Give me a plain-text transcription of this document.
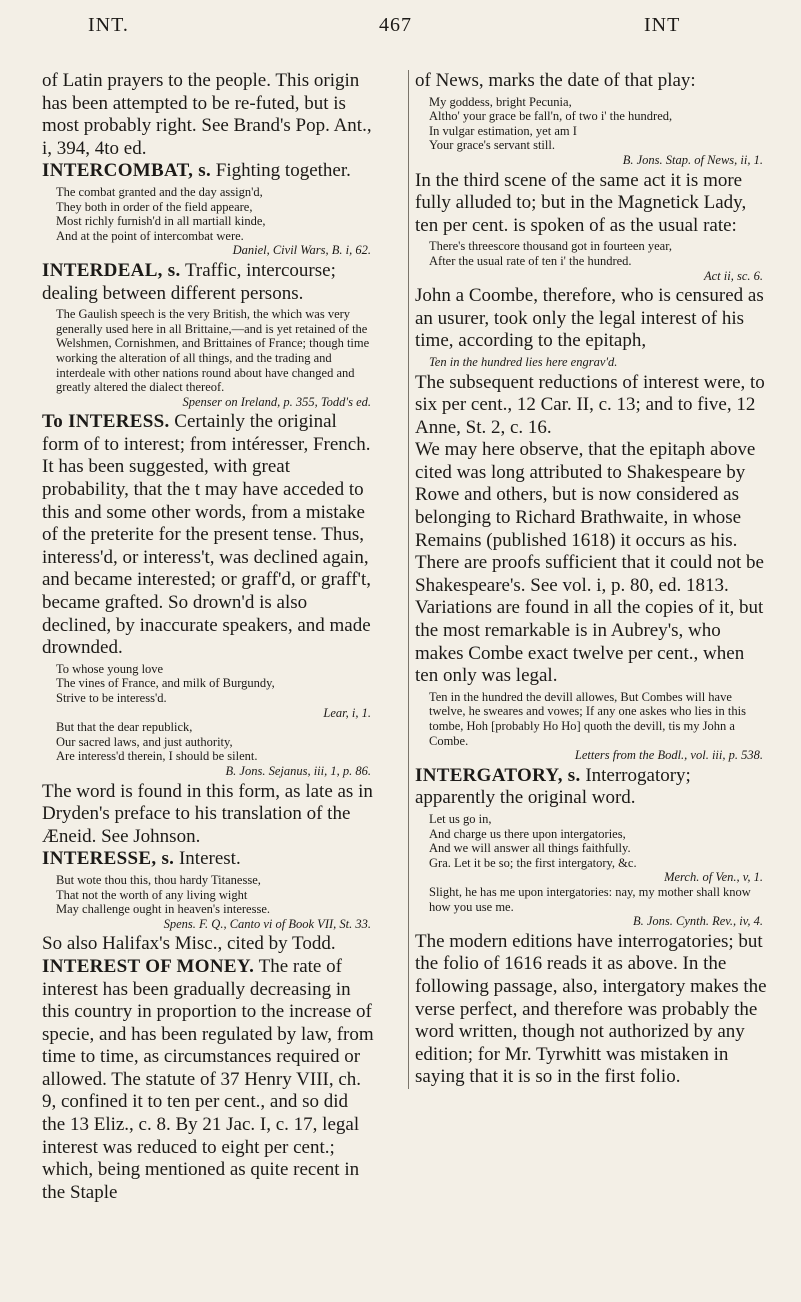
INT.	467	INT

of Latin prayers to the people. This origin has been attempted to be re-futed, but is most probably right. See Brand's Pop. Ant., i, 394, 4to ed.

INTERCOMBAT, s. Fighting together.

The combat granted and the day assign'd,
They both in order of the field appeare,
Most richly furnish'd in all martiall kinde,
And at the point of intercombat were.
Daniel, Civil Wars, B. i, 62.

INTERDEAL, s. Traffic, intercourse; dealing between different persons.

The Gaulish speech is the very British, the which was very generally used here in all Brittaine,—and is yet retained of the Welshmen, Cornishmen, and Brittaines of France; though time working the alteration of all things, and the trading and interdeale with other nations round about have changed and greatly altered the dialect thereof.
Spenser on Ireland, p. 355, Todd's ed.

To INTERESS. Certainly the original form of to interest; from intéresser, French. It has been suggested, with great probability, that the t may have acceded to this and some other words, from a mistake of the preterite for the present tense. Thus, interess'd, or interess't, was declined again, and became interested; or graff'd, or graff't, became grafted. So drown'd is also declined, by inaccurate speakers, and made drownded.

To whose young love
The vines of France, and milk of Burgundy,
Strive to be interess'd.
Lear, i, 1.
But that the dear republick,
Our sacred laws, and just authority,
Are interess'd therein, I should be silent.
B. Jons. Sejanus, iii, 1, p. 86.

The word is found in this form, as late as in Dryden's preface to his translation of the Æneid. See Johnson.

INTERESSE, s. Interest.

But wote thou this, thou hardy Titanesse,
That not the worth of any living wight
May challenge ought in heaven's interesse.
Spens. F. Q., Canto vi of Book VII, St. 33.

So also Halifax's Misc., cited by Todd.

INTEREST OF MONEY. The rate of interest has been gradually decreasing in this country in proportion to the increase of specie, and has been regulated by law, from time to time, as circumstances required or allowed. The statute of 37 Henry VIII, ch. 9, confined it to ten per cent., and so did the 13 Eliz., c. 8. By 21 Jac. I, c. 17, legal interest was reduced to eight per cent.; which, being mentioned as quite recent in the Staple

of News, marks the date of that play:

My goddess, bright Pecunia,
Altho' your grace be fall'n, of two i' the hundred,
In vulgar estimation, yet am I
Your grace's servant still.
B. Jons. Stap. of News, ii, 1.

In the third scene of the same act it is more fully alluded to; but in the Magnetick Lady, ten per cent. is spoken of as the usual rate:

There's threescore thousand got in fourteen year,
After the usual rate of ten i' the hundred.
Act ii, sc. 6.

John a Coombe, therefore, who is censured as an usurer, took only the legal interest of his time, according to the epitaph,

Ten in the hundred lies here engrav'd.

The subsequent reductions of interest were, to six per cent., 12 Car. II, c. 13; and to five, 12 Anne, St. 2, c. 16.

We may here observe, that the epitaph above cited was long attributed to Shakespeare by Rowe and others, but is now considered as belonging to Richard Brathwaite, in whose Remains (published 1618) it occurs as his. There are proofs sufficient that it could not be Shakespeare's. See vol. i, p. 80, ed. 1813. Variations are found in all the copies of it, but the most remarkable is in Aubrey's, who makes Combe exact twelve per cent., when ten only was legal.

Ten in the hundred the devill allowes, But Combes will have twelve, he sweares and vowes; If any one askes who lies in this tombe, Hoh [probably Ho Ho] quoth the devill, tis my John a Combe.
Letters from the Bodl., vol. iii, p. 538.

INTERGATORY, s. Interrogatory; apparently the original word.

Let us go in,
And charge us there upon intergatories,
And we will answer all things faithfully.
Gra. Let it be so; the first intergatory, &c.
Merch. of Ven., v, 1.
Slight, he has me upon intergatories: nay, my mother shall know how you use me.
B. Jons. Cynth. Rev., iv, 4.

The modern editions have interrogatories; but the folio of 1616 reads it as above. In the following passage, also, intergatory makes the verse perfect, and therefore was probably the word written, though not authorized by any edition; for Mr. Tyrwhitt was mistaken in saying that it is so in the first folio.
